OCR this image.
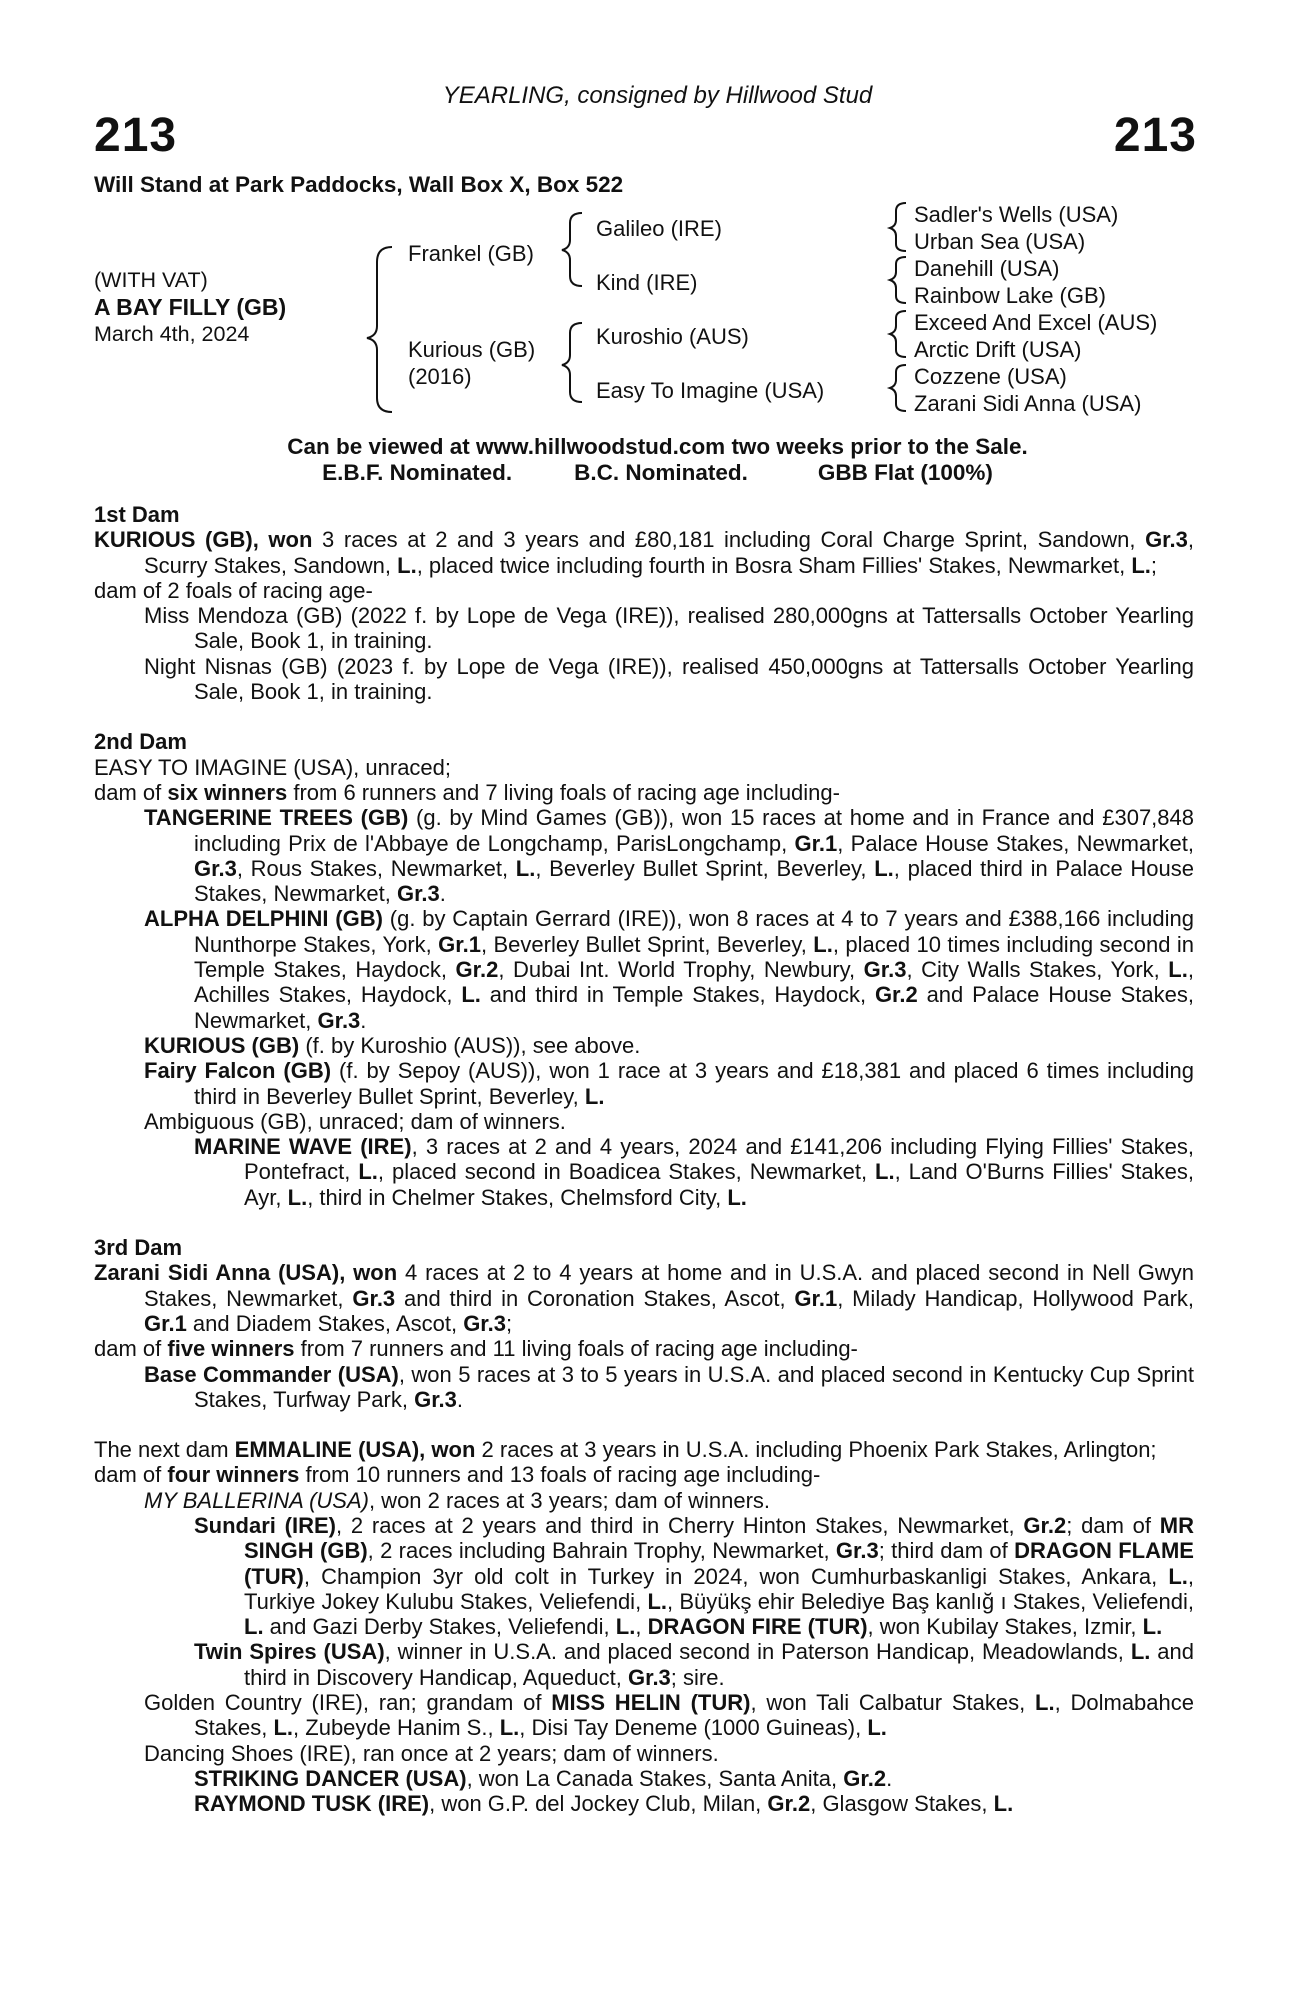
YEARLING, consigned by Hillwood Stud
213	213
Will Stand at Park Paddocks, Wall Box X, Box 522
(WITH VAT)
A BAY FILLY (GB)
March 4th, 2024
Frankel (GB)
Kurious (GB)
(2016)
Galileo (IRE)
Kind (IRE)
Kuroshio (AUS)
Easy To Imagine (USA)
Sadler's Wells (USA)
Urban Sea (USA)
Danehill (USA)
Rainbow Lake (GB)
Exceed And Excel (AUS)
Arctic Drift (USA)
Cozzene (USA)
Zarani Sidi Anna (USA)
Can be viewed at www.hillwoodstud.com two weeks prior to the Sale.
E.B.F. Nominated.	B.C. Nominated.	GBB Flat (100%)

1st Dam

KURIOUS (GB), won 3 races at 2 and 3 years and £80,181 including Coral Charge Sprint, Sandown, Gr.3, Scurry Stakes, Sandown, L., placed twice including fourth in Bosra Sham Fillies' Stakes, Newmarket, L.;

dam of 2 foals of racing age-

Miss Mendoza (GB) (2022 f. by Lope de Vega (IRE)), realised 280,000gns at Tattersalls October Yearling Sale, Book 1, in training.

Night Nisnas (GB) (2023 f. by Lope de Vega (IRE)), realised 450,000gns at Tattersalls October Yearling Sale, Book 1, in training.

2nd Dam

EASY TO IMAGINE (USA), unraced;

dam of six winners from 6 runners and 7 living foals of racing age including-

TANGERINE TREES (GB) (g. by Mind Games (GB)), won 15 races at home and in France and £307,848 including Prix de l'Abbaye de Longchamp, ParisLongchamp, Gr.1, Palace House Stakes, Newmarket, Gr.3, Rous Stakes, Newmarket, L., Beverley Bullet Sprint, Beverley, L., placed third in Palace House Stakes, Newmarket, Gr.3.

ALPHA DELPHINI (GB) (g. by Captain Gerrard (IRE)), won 8 races at 4 to 7 years and £388,166 including Nunthorpe Stakes, York, Gr.1, Beverley Bullet Sprint, Beverley, L., placed 10 times including second in Temple Stakes, Haydock, Gr.2, Dubai Int. World Trophy, Newbury, Gr.3, City Walls Stakes, York, L., Achilles Stakes, Haydock, L. and third in Temple Stakes, Haydock, Gr.2 and Palace House Stakes, Newmarket, Gr.3.

KURIOUS (GB) (f. by Kuroshio (AUS)), see above.

Fairy Falcon (GB) (f. by Sepoy (AUS)), won 1 race at 3 years and £18,381 and placed 6 times including third in Beverley Bullet Sprint, Beverley, L.

Ambiguous (GB), unraced; dam of winners.

MARINE WAVE (IRE), 3 races at 2 and 4 years, 2024 and £141,206 including Flying Fillies' Stakes, Pontefract, L., placed second in Boadicea Stakes, Newmarket, L., Land O'Burns Fillies' Stakes, Ayr, L., third in Chelmer Stakes, Chelmsford City, L.

3rd Dam

Zarani Sidi Anna (USA), won 4 races at 2 to 4 years at home and in U.S.A. and placed second in Nell Gwyn Stakes, Newmarket, Gr.3 and third in Coronation Stakes, Ascot, Gr.1, Milady Handicap, Hollywood Park, Gr.1 and Diadem Stakes, Ascot, Gr.3;

dam of five winners from 7 runners and 11 living foals of racing age including-

Base Commander (USA), won 5 races at 3 to 5 years in U.S.A. and placed second in Kentucky Cup Sprint Stakes, Turfway Park, Gr.3.

The next dam EMMALINE (USA), won 2 races at 3 years in U.S.A. including Phoenix Park Stakes, Arlington;

dam of four winners from 10 runners and 13 foals of racing age including-

MY BALLERINA (USA), won 2 races at 3 years; dam of winners.

Sundari (IRE), 2 races at 2 years and third in Cherry Hinton Stakes, Newmarket, Gr.2; dam of MR SINGH (GB), 2 races including Bahrain Trophy, Newmarket, Gr.3; third dam of DRAGON FLAME (TUR), Champion 3yr old colt in Turkey in 2024, won Cumhurbaskanligi Stakes, Ankara, L., Turkiye Jokey Kulubu Stakes, Veliefendi, L., Büyükş ehir Belediye Baş kanlığ ı Stakes, Veliefendi, L. and Gazi Derby Stakes, Veliefendi, L., DRAGON FIRE (TUR), won Kubilay Stakes, Izmir, L.

Twin Spires (USA), winner in U.S.A. and placed second in Paterson Handicap, Meadowlands, L. and third in Discovery Handicap, Aqueduct, Gr.3; sire.

Golden Country (IRE), ran; grandam of MISS HELIN (TUR), won Tali Calbatur Stakes, L., Dolmabahce Stakes, L., Zubeyde Hanim S., L., Disi Tay Deneme (1000 Guineas), L.

Dancing Shoes (IRE), ran once at 2 years; dam of winners.

STRIKING DANCER (USA), won La Canada Stakes, Santa Anita, Gr.2.

RAYMOND TUSK (IRE), won G.P. del Jockey Club, Milan, Gr.2, Glasgow Stakes, L.
